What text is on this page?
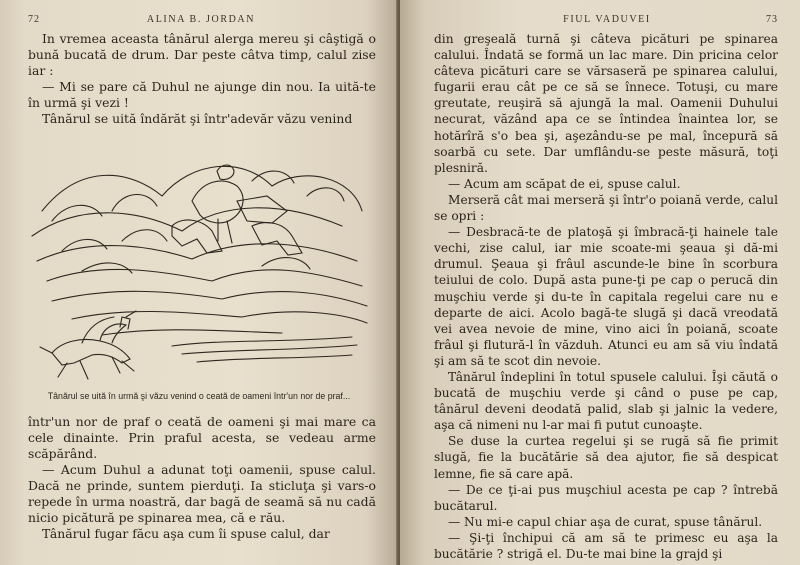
72	ALINA B. JORDAN

In vremea aceasta tânărul alerga mereu şi câştigă o bună bucată de drum. Dar peste câtva timp, calul zise iar :

— Mi se pare că Duhul ne ajunge din nou. Ia uită-te în urmă şi vezi !

Tânărul se uită îndărăt şi într'adevăr văzu venind

Tânărul se uită în urmă şi văzu venind o ceată de oameni într'un nor de praf...

într'un nor de praf o ceată de oameni şi mai mare ca cele dinainte. Prin praful acesta, se vedeau arme scăpărând.

— Acum Duhul a adunat toţi oamenii, spuse calul. Dacă ne prinde, suntem pierduţi. Ia sticluţa şi vars-o repede în urma noastră, dar bagă de seamă să nu cadă nicio picătură pe spinarea mea, că e rău.

Tânărul fugar făcu aşa cum îi spuse calul, dar

FIUL VADUVEI	73

din greşeală turnă şi câteva picături pe spinarea calului. Îndată se formă un lac mare. Din pricina celor câteva picături care se vărsaseră pe spinarea calului, fugarii erau cât pe ce să se înnece. Totuşi, cu mare greutate, reuşiră să ajungă la mal. Oamenii Duhului necurat, văzând apa ce se întindea înaintea lor, se hotărîră s'o bea şi, aşezându-se pe mal, începură să soarbă cu sete. Dar umflându-se peste măsură, toţi plesniră.

— Acum am scăpat de ei, spuse calul.

Merseră cât mai merseră şi într'o poiană verde, calul se opri :

— Desbracă-te de platoşă şi îmbracă-ţi hainele tale vechi, zise calul, iar mie scoate-mi şeaua şi dă-mi drumul. Şeaua şi frâul ascunde-le bine în scorbura teiului de colo. După asta pune-ţi pe cap o perucă din muşchiu verde şi du-te în capitala regelui care nu e departe de aici. Acolo bagă-te slugă şi dacă vreodată vei avea nevoie de mine, vino aici în poiană, scoate frâul şi flutură-l în văzduh. Atunci eu am să viu îndată şi am să te scot din nevoie.

Tânărul îndeplini în totul spusele calului. Îşi căută o bucată de muşchiu verde şi când o puse pe cap, tânărul deveni deodată palid, slab şi jalnic la vedere, aşa că nimeni nu l-ar mai fi putut cunoaşte.

Se duse la curtea regelui şi se rugă să fie primit slugă, fie la bucătărie să dea ajutor, fie să despicat lemne, fie să care apă.

— De ce ţi-ai pus muşchiul acesta pe cap ? întrebă bucătarul.

— Nu mi-e capul chiar aşa de curat, spuse tânărul.

— Şi-ţi închipui că am să te primesc eu aşa la bucătărie ? strigă el. Du-te mai bine la grajd şi
